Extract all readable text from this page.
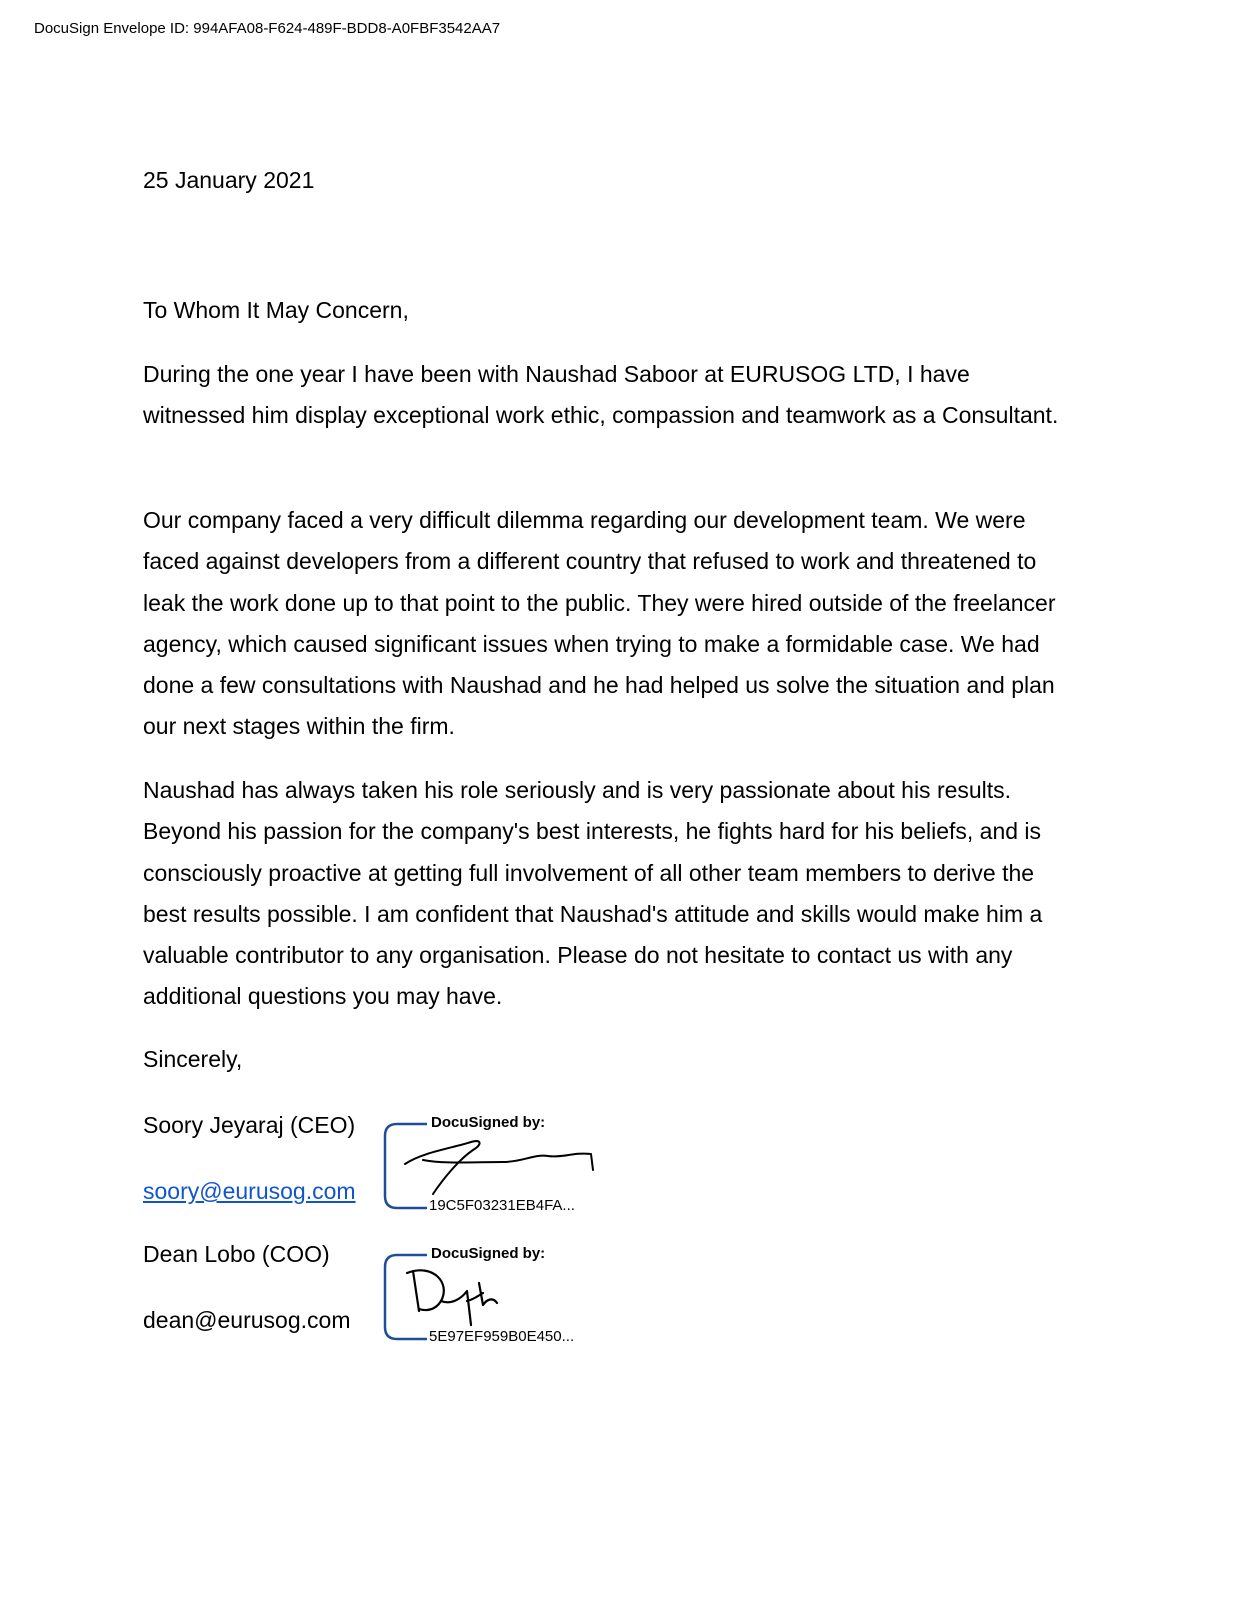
DocuSign Envelope ID: 994AFA08-F624-489F-BDD8-A0FBF3542AA7

25 January 2021

To Whom It May Concern,

During the one year I have been with Naushad Saboor at EURUSOG LTD, I have witnessed him display exceptional work ethic, compassion and teamwork as a Consultant.

Our company faced a very difficult dilemma regarding our development team. We were faced against developers from a different country that refused to work and threatened to leak the work done up to that point to the public. They were hired outside of the freelancer agency, which caused significant issues when trying to make a formidable case. We had done a few consultations with Naushad and he had helped us solve the situation and plan our next stages within the firm.

Naushad has always taken his role seriously and is very passionate about his results. Beyond his passion for the company's best interests, he fights hard for his beliefs, and is consciously proactive at getting full involvement of all other team members to derive the best results possible. I am confident that Naushad's attitude and skills would make him a valuable contributor to any organisation. Please do not hesitate to contact us with any additional questions you may have.

Sincerely,

Soory Jeyaraj (CEO)
soory@eurusog.com
Dean Lobo (COO)
dean@eurusog.com
DocuSigned by:
19C5F03231EB4FA...
DocuSigned by:
5E97EF959B0E450...
